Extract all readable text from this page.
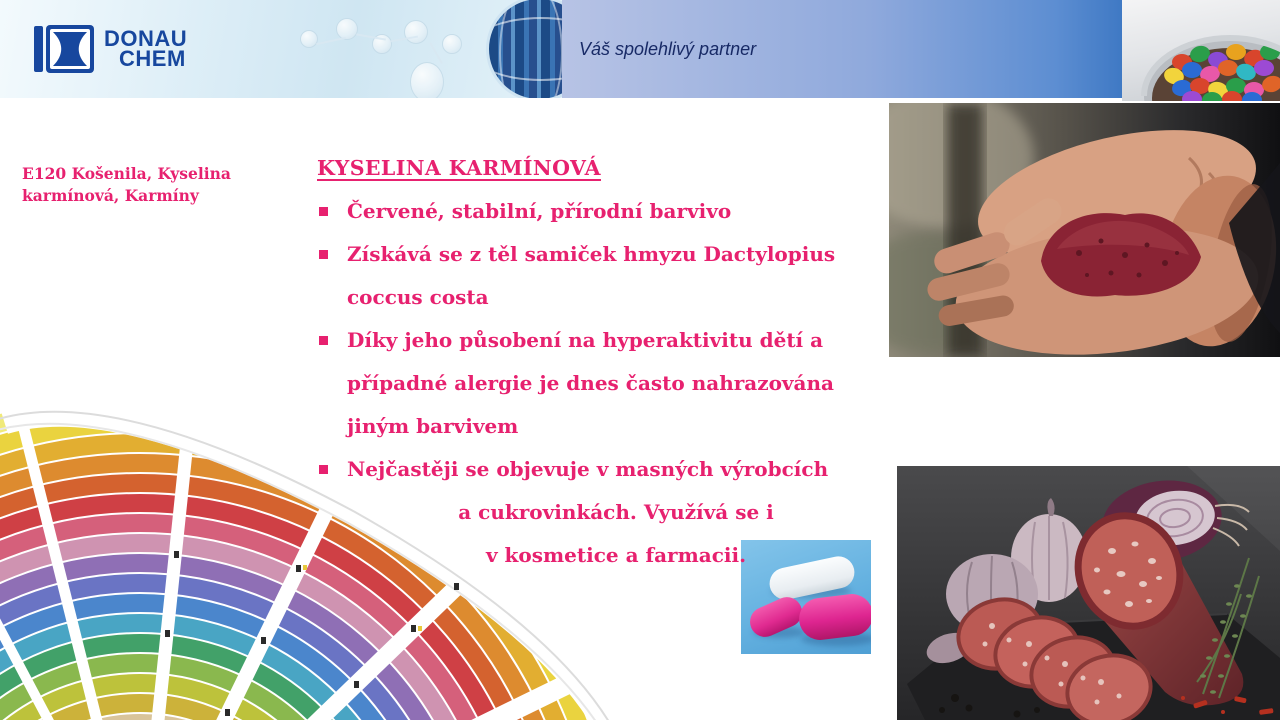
DONAU
CHEM	Váš spolehlivý partner
E120 Košenila, Kyselina
karmínová, Karmíny
KYSELINA KARMÍNOVÁ
Červené, stabilní, přírodní barvivo
Získává se z těl samiček hmyzu Dactylopius
coccus costa
Díky jeho působení na hyperaktivitu dětí a
případné alergie je dnes často nahrazována
jiným barvivem
Nejčastěji se objevuje v masných výrobcích
a cukrovinkách. Využívá se i
v kosmetice a farmacii.
